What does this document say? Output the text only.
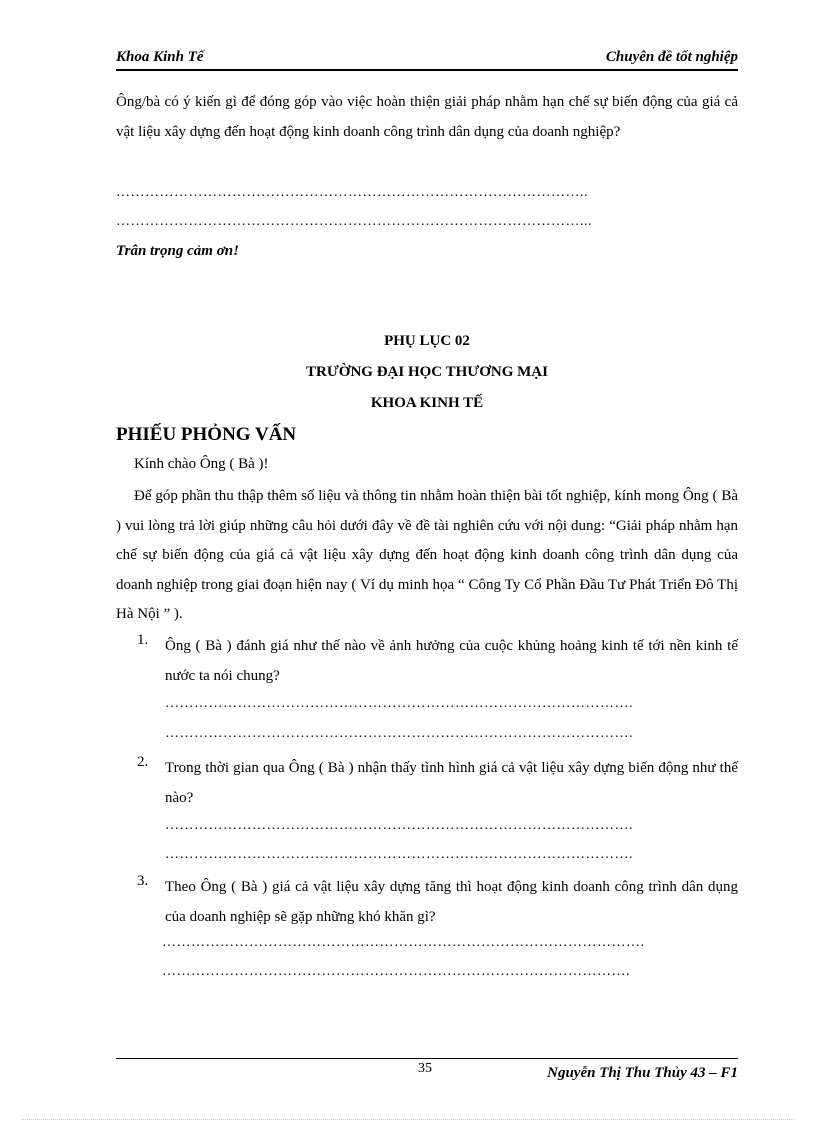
Khoa Kinh Tế	Chuyên đề tốt nghiệp
Ông/bà có ý kiến gì để đóng góp vào việc hoàn thiện giải pháp nhằm hạn chế sự biến động của giá cả vật liệu xây dựng đến hoạt động kinh doanh công trình dân dụng của doanh nghiệp?
……………………………………………………………………………………..
……………………………………………………………………………………...
Trân trọng cảm ơn!
PHỤ LỤC 02
TRƯỜNG ĐẠI HỌC THƯƠNG MẠI
KHOA KINH TẾ
PHIẾU PHỎNG VẤN
Kính chào Ông ( Bà )!
Để góp phần thu thập thêm số liệu và thông tin nhằm hoàn thiện bài tốt nghiệp, kính mong Ông ( Bà ) vui lòng trả lời giúp những câu hỏi dưới đây về đề tài nghiên cứu với nội dung: “Giải pháp nhằm hạn chế sự biến động của giá cả vật liệu xây dựng đến hoạt động kinh doanh công trình dân dụng của doanh nghiệp trong giai đoạn hiện nay ( Ví dụ minh họa “ Công Ty Cổ Phần Đầu Tư Phát Triển Đô Thị Hà Nội ” ).
1.	Ông ( Bà ) đánh giá như thế nào về ảnh hưởng của cuộc khủng hoảng kinh tế tới nền kinh tế nước ta nói chung?
…………………………………………………………………………………….
…………………………………………………………………………………….
2.	Trong thời gian qua Ông ( Bà ) nhận thấy tình hình giá cả vật liệu xây dựng biến động như thế nào?
…………………………………………………………………………………….
…………………………………………………………………………………….
3.	Theo Ông ( Bà ) giá cả vật liệu xây dựng tăng thì hoạt động kinh doanh công trình dân dụng của doanh nghiệp sẽ gặp những khó khăn gì?
……………………………………………………………………………………….
…………………………………………………………………………………….
35	Nguyễn Thị Thu Thủy 43 – F1
